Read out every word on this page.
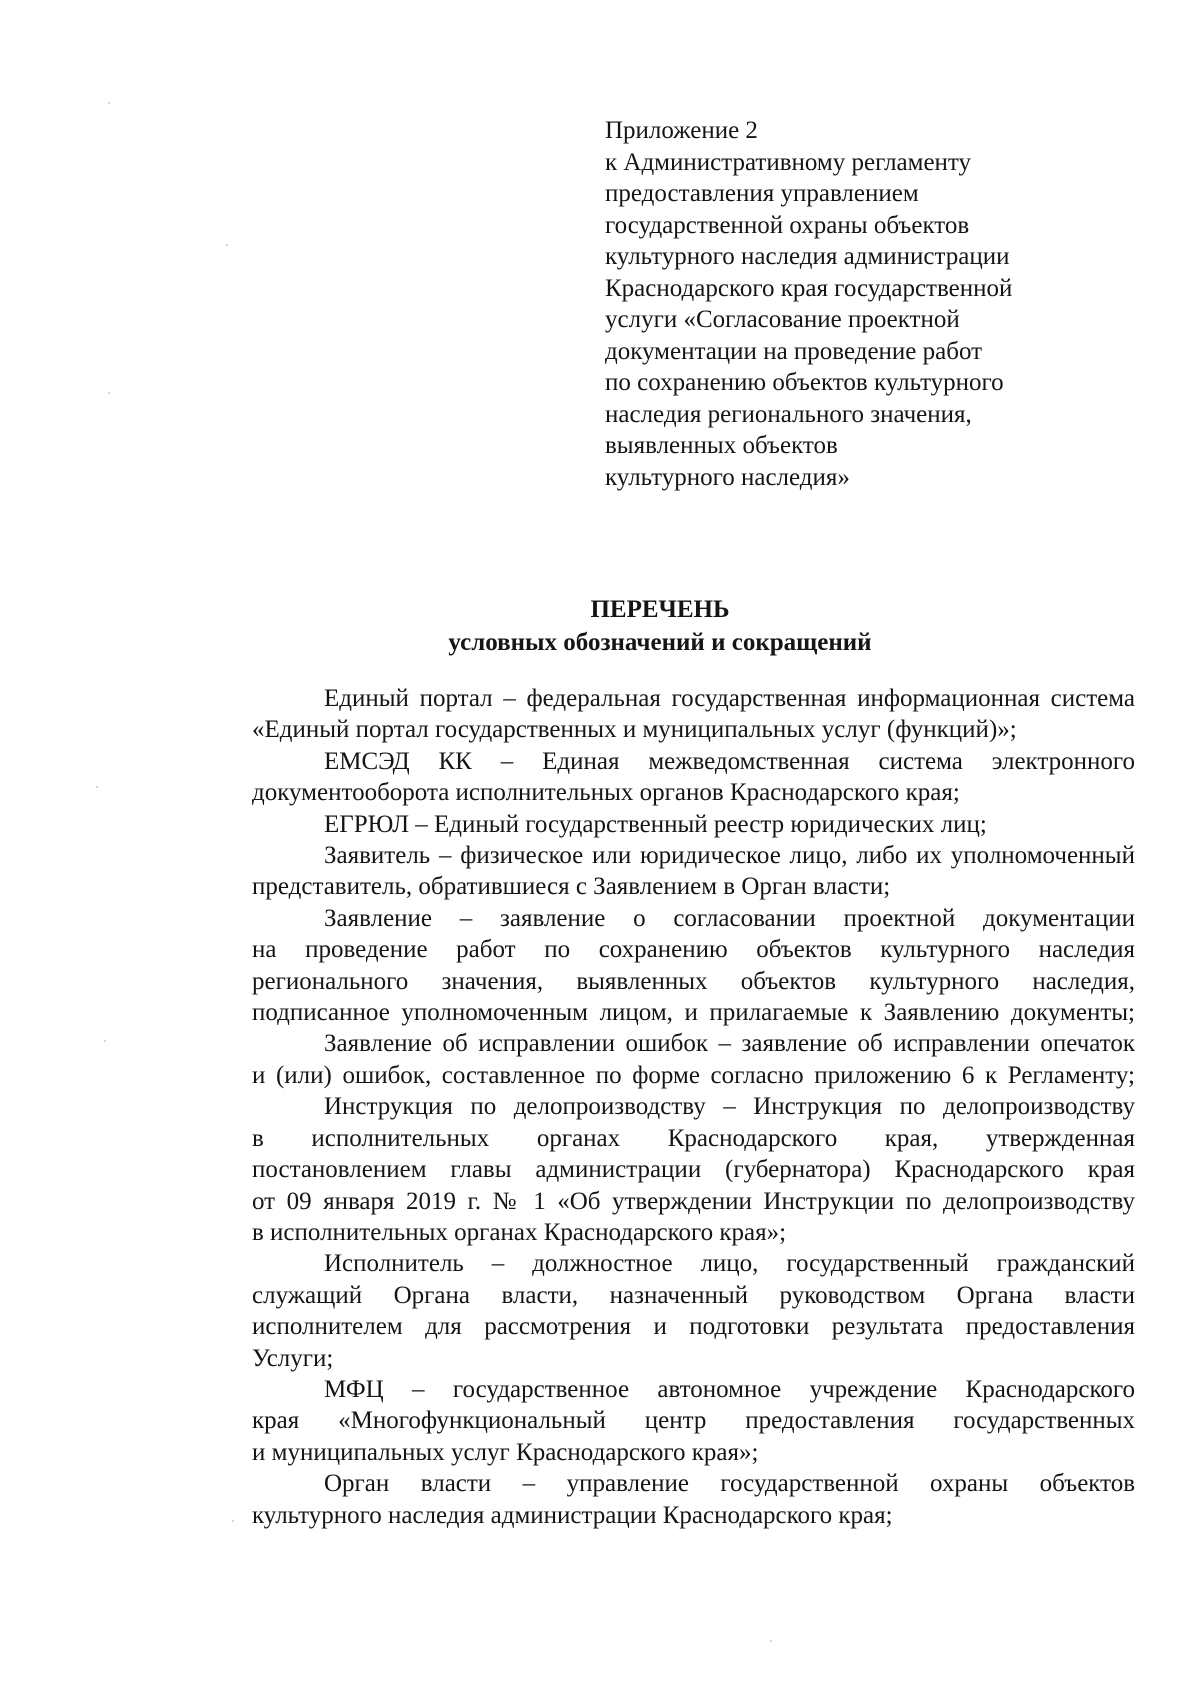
Приложение 2
к Административному регламенту
предоставления управлением
государственной охраны объектов
культурного наследия администрации
Краснодарского края государственной
услуги «Согласование проектной
документации на проведение работ
по сохранению объектов культурного
наследия регионального значения,
выявленных объектов
культурного наследия»
ПЕРЕЧЕНЬ
условных обозначений и сокращений
Единый портал – федеральная государственная информационная система
«Единый портал государственных и муниципальных услуг (функций)»;
ЕМСЭД КК – Единая межведомственная система электронного
документооборота исполнительных органов Краснодарского края;
ЕГРЮЛ – Единый государственный реестр юридических лиц;
Заявитель – физическое или юридическое лицо, либо их уполномоченный
представитель, обратившиеся с Заявлением в Орган власти;
Заявление – заявление о согласовании проектной документации
на проведение работ по сохранению объектов культурного наследия
регионального значения, выявленных объектов культурного наследия,
подписанное уполномоченным лицом, и прилагаемые к Заявлению документы;
Заявление об исправлении ошибок – заявление об исправлении опечаток
и (или) ошибок, составленное по форме согласно приложению 6 к Регламенту;
Инструкция по делопроизводству – Инструкция по делопроизводству
в исполнительных органах Краснодарского края, утвержденная
постановлением главы администрации (губернатора) Краснодарского края
от 09 января 2019 г. № 1 «Об утверждении Инструкции по делопроизводству
в исполнительных органах Краснодарского края»;
Исполнитель – должностное лицо, государственный гражданский
служащий Органа власти, назначенный руководством Органа власти
исполнителем для рассмотрения и подготовки результата предоставления
Услуги;
МФЦ – государственное автономное учреждение Краснодарского
края «Многофункциональный центр предоставления государственных
и муниципальных услуг Краснодарского края»;
Орган власти – управление государственной охраны объектов
культурного наследия администрации Краснодарского края;
